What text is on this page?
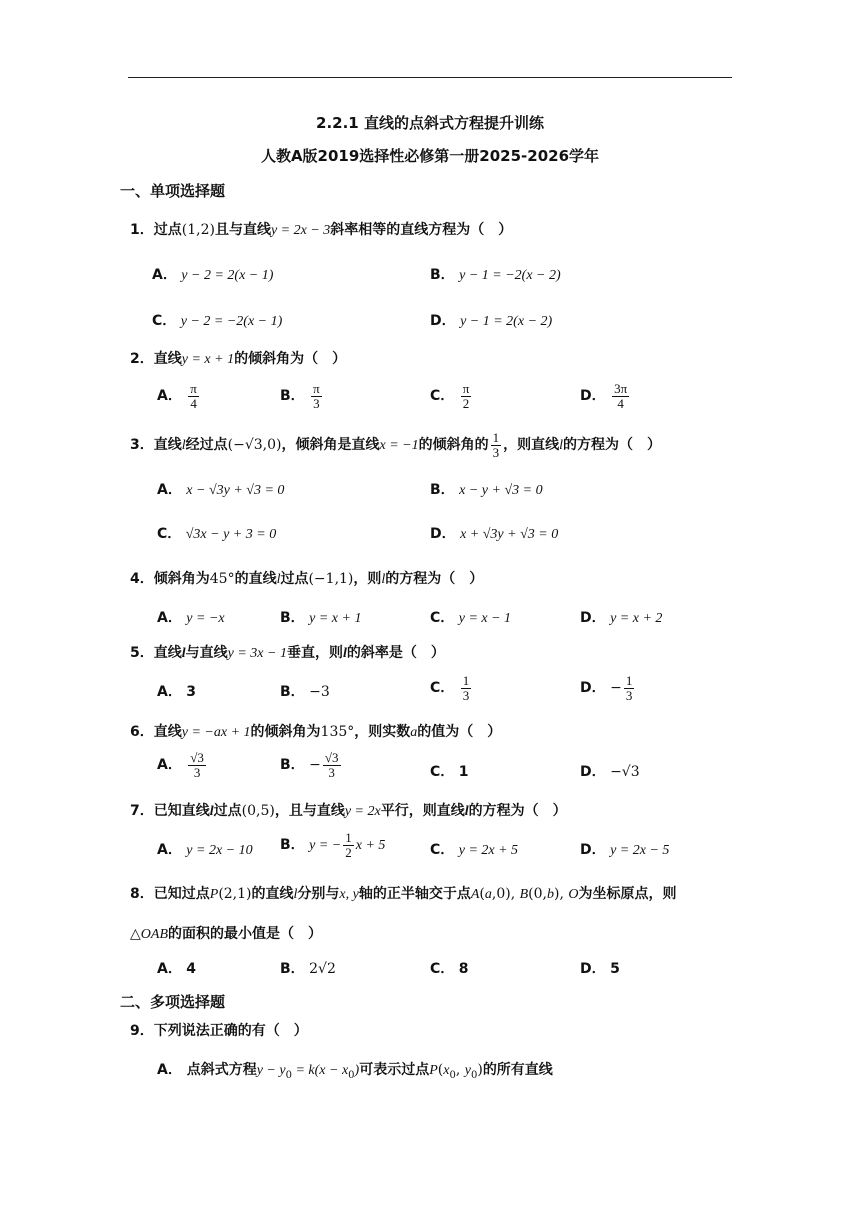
2.2.1 直线的点斜式方程提升训练
人教A版2019选择性必修第一册2025-2026学年
一、单项选择题
1．过点(1,2)且与直线y = 2x − 3斜率相等的直线方程为（　）
A． y − 2 = 2(x − 1)	B． y − 1 = −2(x − 2)
C． y − 2 = −2(x − 1)	D． y − 1 = 2(x − 2)
2．直线y = x + 1的倾斜角为（　）
A． $\frac{\pi}{4}$	B． $\frac{\pi}{3}$	C． $\frac{\pi}{2}$	D． $\frac{3\pi}{4}$
3．直线l经过点(−√3,0)，倾斜角是直线x = −1的倾斜角的 $\frac{1}{3}$ ，则直线l的方程为（　）
A． x − √3y + √3 = 0	B． x − y + √3 = 0
C． √3x − y + 3 = 0	D． x + √3y + √3 = 0
4．倾斜角为45°的直线l过点(−1,1)，则l的方程为（　）
A． y = −x	B． y = x + 1	C． y = x − 1	D． y = x + 2
5．直线l与直线y = 3x − 1垂直，则l的斜率是（　）
A． 3	B． −3	C． $\frac{1}{3}$	D． − $\frac{1}{3}$
6．直线y = −ax + 1的倾斜角为135°，则实数a的值为（　）
A． $\frac{√3}{3}$	B． − $\frac{√3}{3}$	C． 1	D． −√3
7．已知直线l过点(0,5)，且与直线y = 2x平行，则直线l的方程为（　）
A． y = 2x − 10 B． y = − $\frac{1}{2}$ x + 5	C． y = 2x + 5	D． y = 2x − 5
8．已知过点P(2,1)的直线l分别与x, y轴的正半轴交于点A(a,0), B(0,b), O为坐标原点，则
△OAB的面积的最小值是（　）
A． 4	B． 2√2	C． 8	D． 5
二、多项选择题
9．下列说法正确的有（　）
A． 点斜式方程$y - y_0 = k(x - x_0)$可表示过点$P(x_0$, $y_0$)的所有直线
